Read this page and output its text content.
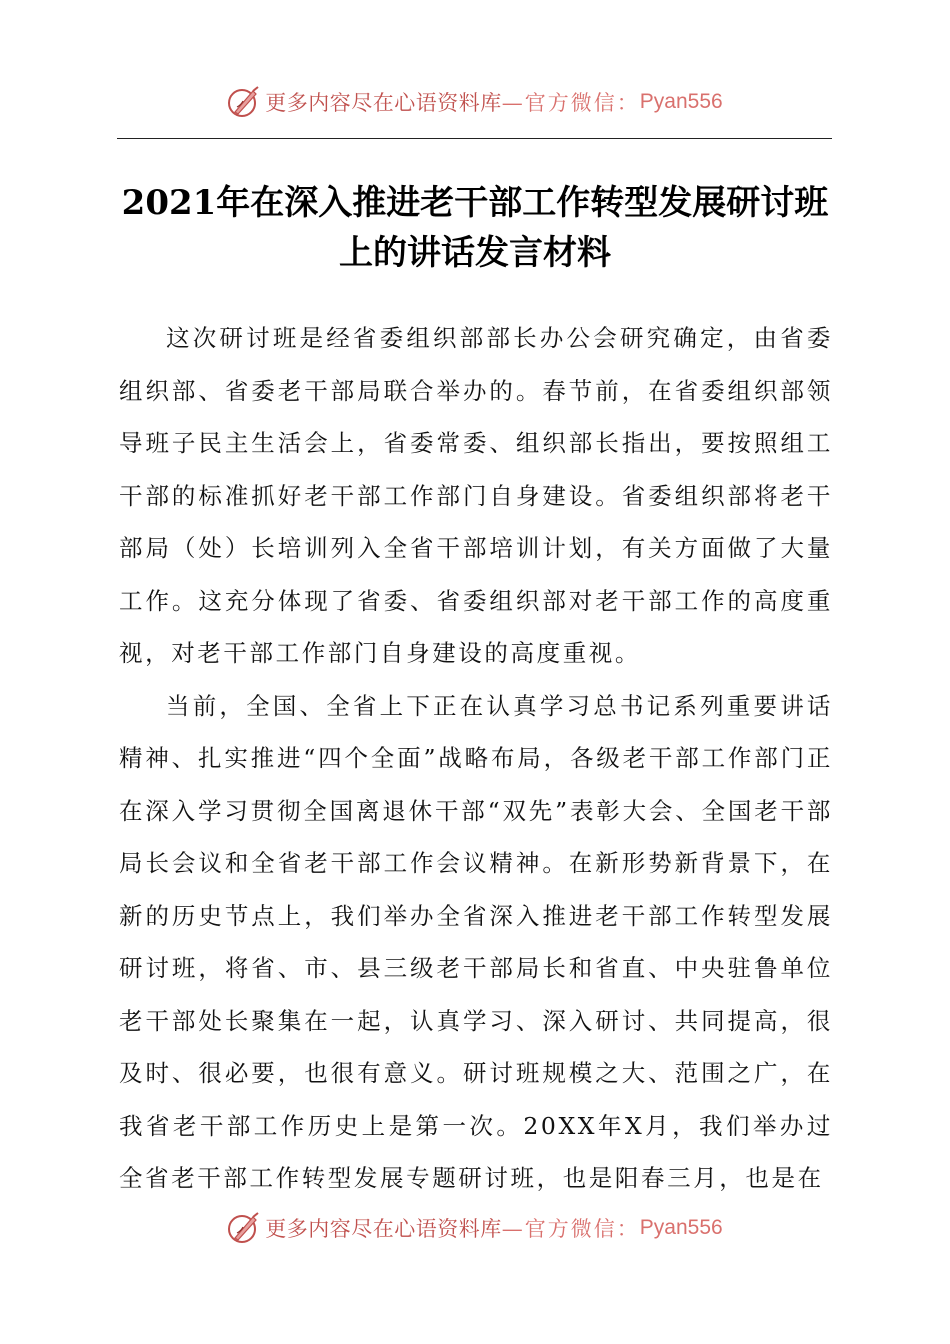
更多内容尽在心语资料库 —官方微信： Pyan556
2021年在深入推进老干部工作转型发展研讨班
上的讲话发言材料

这次研讨班是经省委组织部部长办公会研究确定，由省委组织部、省委老干部局联合举办的。春节前，在省委组织部领导班子民主生活会上，省委常委、组织部长指出，要按照组工干部的标准抓好老干部工作部门自身建设。省委组织部将老干部局（处）长培训列入全省干部培训计划，有关方面做了大量工作。这充分体现了省委、省委组织部对老干部工作的高度重视，对老干部工作部门自身建设的高度重视。

当前，全国、全省上下正在认真学习总书记系列重要讲话精神、扎实推进“四个全面”战略布局，各级老干部工作部门正在深入学习贯彻全国离退休干部“双先”表彰大会、全国老干部局长会议和全省老干部工作会议精神。在新形势新背景下，在新的历史节点上，我们举办全省深入推进老干部工作转型发展研讨班，将省、市、县三级老干部局长和省直、中央驻鲁单位老干部处长聚集在一起，认真学习、深入研讨、共同提高，很及时、很必要，也很有意义。研讨班规模之大、范围之广，在我省老干部工作历史上是第一次。20XX年X月，我们举办过全省老干部工作转型发展专题研讨班，也是阳春三月，也是在

更多内容尽在心语资料库 —官方微信： Pyan556
